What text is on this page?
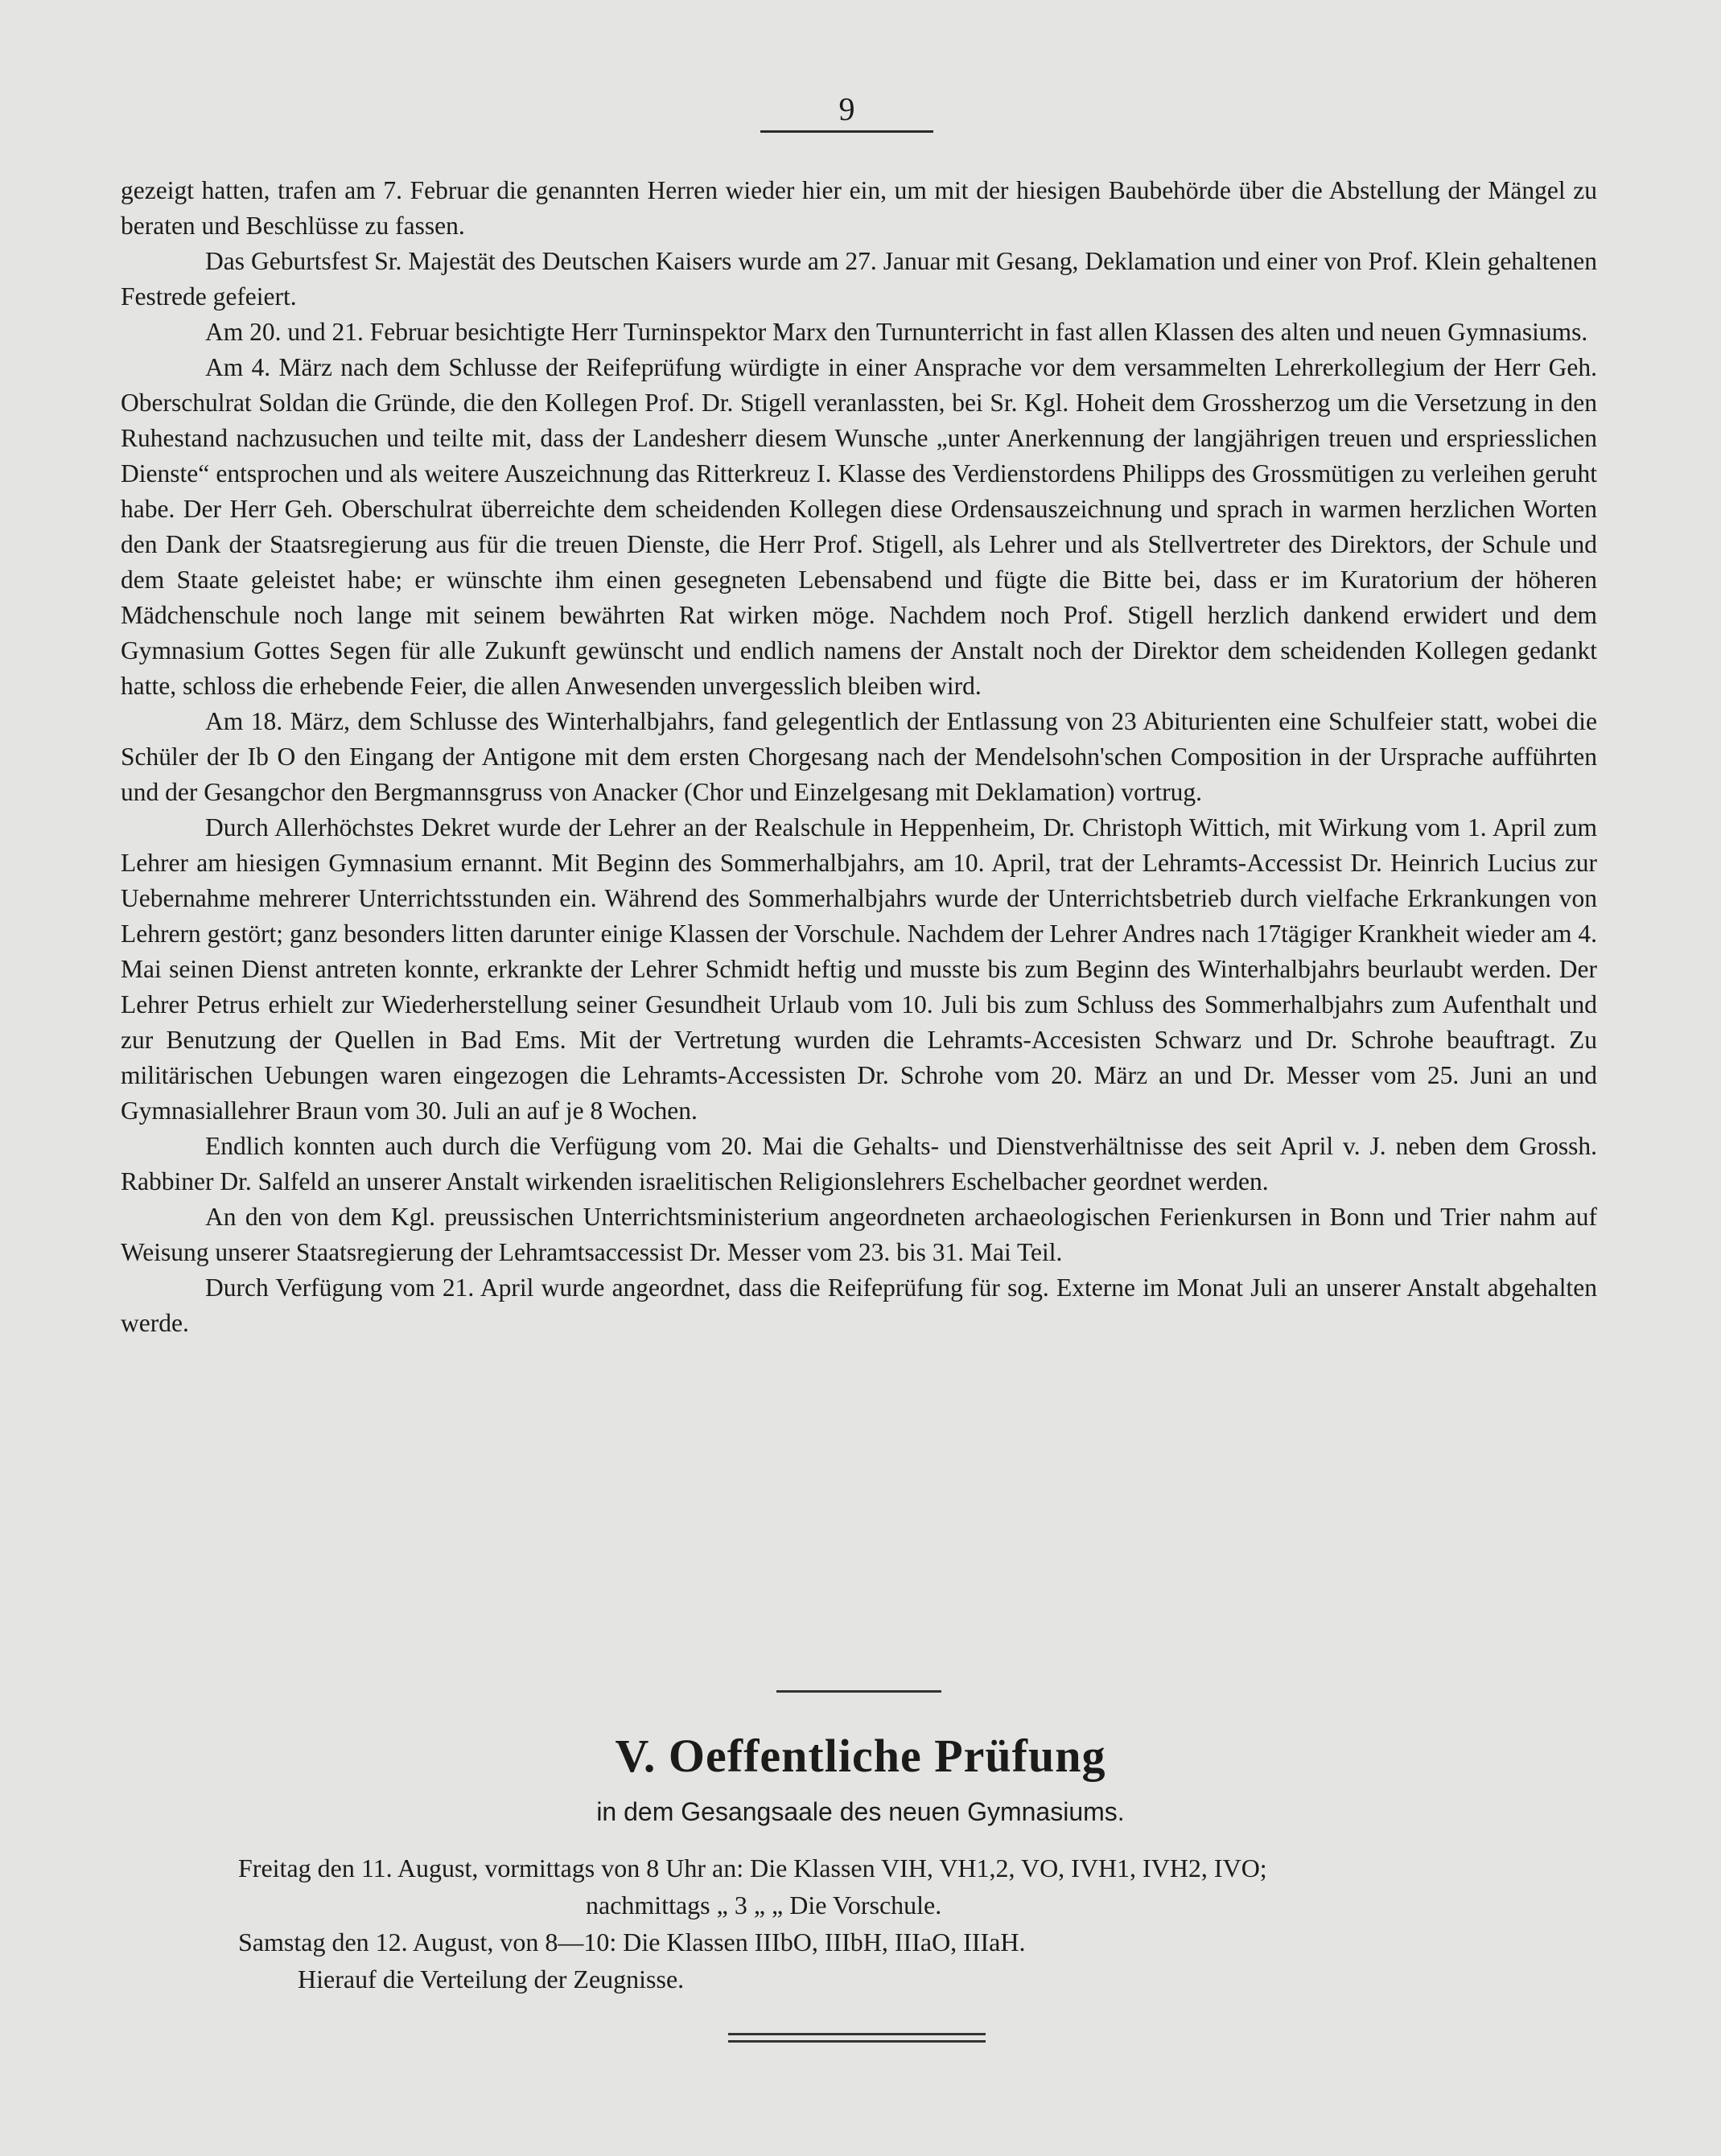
9

gezeigt hatten, trafen am 7. Februar die genannten Herren wieder hier ein, um mit der hiesigen Baubehörde über die Abstellung der Mängel zu beraten und Beschlüsse zu fassen.

Das Geburtsfest Sr. Majestät des Deutschen Kaisers wurde am 27. Januar mit Gesang, Deklamation und einer von Prof. Klein gehaltenen Festrede gefeiert.

Am 20. und 21. Februar besichtigte Herr Turninspektor Marx den Turnunterricht in fast allen Klassen des alten und neuen Gymnasiums.

Am 4. März nach dem Schlusse der Reifeprüfung würdigte in einer Ansprache vor dem versammelten Lehrerkollegium der Herr Geh. Oberschulrat Soldan die Gründe, die den Kollegen Prof. Dr. Stigell veranlassten, bei Sr. Kgl. Hoheit dem Grossherzog um die Versetzung in den Ruhestand nachzusuchen und teilte mit, dass der Landesherr diesem Wunsche „unter Anerkennung der langjährigen treuen und erspriesslichen Dienste“ entsprochen und als weitere Auszeichnung das Ritterkreuz I. Klasse des Verdienstordens Philipps des Grossmütigen zu verleihen geruht habe. Der Herr Geh. Oberschulrat überreichte dem scheidenden Kollegen diese Ordensauszeichnung und sprach in warmen herzlichen Worten den Dank der Staatsregierung aus für die treuen Dienste, die Herr Prof. Stigell, als Lehrer und als Stellvertreter des Direktors, der Schule und dem Staate geleistet habe; er wünschte ihm einen gesegneten Lebensabend und fügte die Bitte bei, dass er im Kuratorium der höheren Mädchenschule noch lange mit seinem bewährten Rat wirken möge. Nachdem noch Prof. Stigell herzlich dankend erwidert und dem Gymnasium Gottes Segen für alle Zukunft gewünscht und endlich namens der Anstalt noch der Direktor dem scheidenden Kollegen gedankt hatte, schloss die erhebende Feier, die allen Anwesenden unvergesslich bleiben wird.

Am 18. März, dem Schlusse des Winterhalbjahrs, fand gelegentlich der Entlassung von 23 Abiturienten eine Schulfeier statt, wobei die Schüler der Ib O den Eingang der Antigone mit dem ersten Chorgesang nach der Mendelsohn'schen Composition in der Ursprache aufführten und der Gesangchor den Bergmannsgruss von Anacker (Chor und Einzelgesang mit Deklamation) vortrug.

Durch Allerhöchstes Dekret wurde der Lehrer an der Realschule in Heppenheim, Dr. Christoph Wittich, mit Wirkung vom 1. April zum Lehrer am hiesigen Gymnasium ernannt. Mit Beginn des Sommerhalbjahrs, am 10. April, trat der Lehramts-Accessist Dr. Heinrich Lucius zur Uebernahme mehrerer Unterrichtsstunden ein. Während des Sommerhalbjahrs wurde der Unterrichtsbetrieb durch vielfache Erkrankungen von Lehrern gestört; ganz besonders litten darunter einige Klassen der Vorschule. Nachdem der Lehrer Andres nach 17tägiger Krankheit wieder am 4. Mai seinen Dienst antreten konnte, erkrankte der Lehrer Schmidt heftig und musste bis zum Beginn des Winterhalbjahrs beurlaubt werden. Der Lehrer Petrus erhielt zur Wiederherstellung seiner Gesundheit Urlaub vom 10. Juli bis zum Schluss des Sommerhalbjahrs zum Aufenthalt und zur Benutzung der Quellen in Bad Ems. Mit der Vertretung wurden die Lehramts-Accesisten Schwarz und Dr. Schrohe beauftragt. Zu militärischen Uebungen waren eingezogen die Lehramts-Accessisten Dr. Schrohe vom 20. März an und Dr. Messer vom 25. Juni an und Gymnasiallehrer Braun vom 30. Juli an auf je 8 Wochen.

Endlich konnten auch durch die Verfügung vom 20. Mai die Gehalts- und Dienstverhältnisse des seit April v. J. neben dem Grossh. Rabbiner Dr. Salfeld an unserer Anstalt wirkenden israelitischen Religionslehrers Eschelbacher geordnet werden.

An den von dem Kgl. preussischen Unterrichtsministerium angeordneten archaeologischen Ferienkursen in Bonn und Trier nahm auf Weisung unserer Staatsregierung der Lehramtsaccessist Dr. Messer vom 23. bis 31. Mai Teil.

Durch Verfügung vom 21. April wurde angeordnet, dass die Reifeprüfung für sog. Externe im Monat Juli an unserer Anstalt abgehalten werde.

V. Oeffentliche Prüfung
in dem Gesangsaale des neuen Gymnasiums.
Freitag den 11. August, vormittags von 8 Uhr an: Die Klassen VIH, VH1,2, VO, IVH1, IVH2, IVO;
nachmittags „ 3 „ „ Die Vorschule.
Samstag den 12. August, von 8—10: Die Klassen IIIbO, IIIbH, IIIaO, IIIaH.
Hierauf die Verteilung der Zeugnisse.
